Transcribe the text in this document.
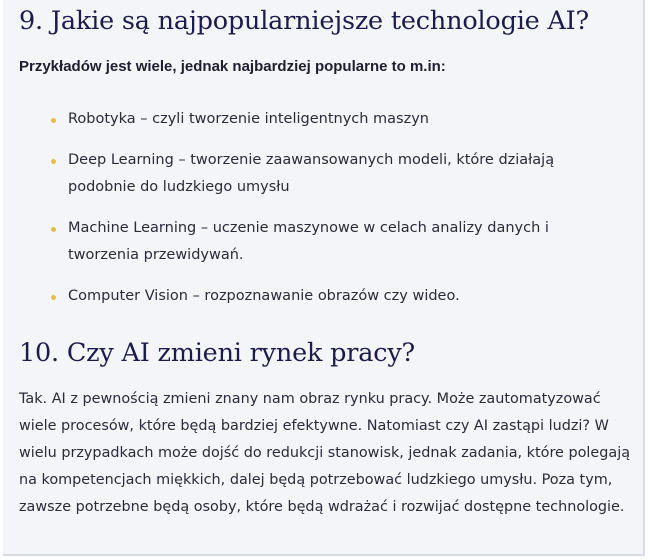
9. Jakie są najpopularniejsze technologie AI?
Przykładów jest wiele, jednak najbardziej popularne to m.in:
Robotyka – czyli tworzenie inteligentnych maszyn
Deep Learning – tworzenie zaawansowanych modeli, które działają podobnie do ludzkiego umysłu
Machine Learning – uczenie maszynowe w celach analizy danych i tworzenia przewidywań.
Computer Vision – rozpoznawanie obrazów czy wideo.
10. Czy AI zmieni rynek pracy?

Tak. AI z pewnością zmieni znany nam obraz rynku pracy. Może zautomatyzować wiele procesów, które będą bardziej efektywne. Natomiast czy AI zastąpi ludzi? W wielu przypadkach może dojść do redukcji stanowisk, jednak zadania, które polegają na kompetencjach miękkich, dalej będą potrzebować ludzkiego umysłu. Poza tym, zawsze potrzebne będą osoby, które będą wdrażać i rozwijać dostępne technologie.
